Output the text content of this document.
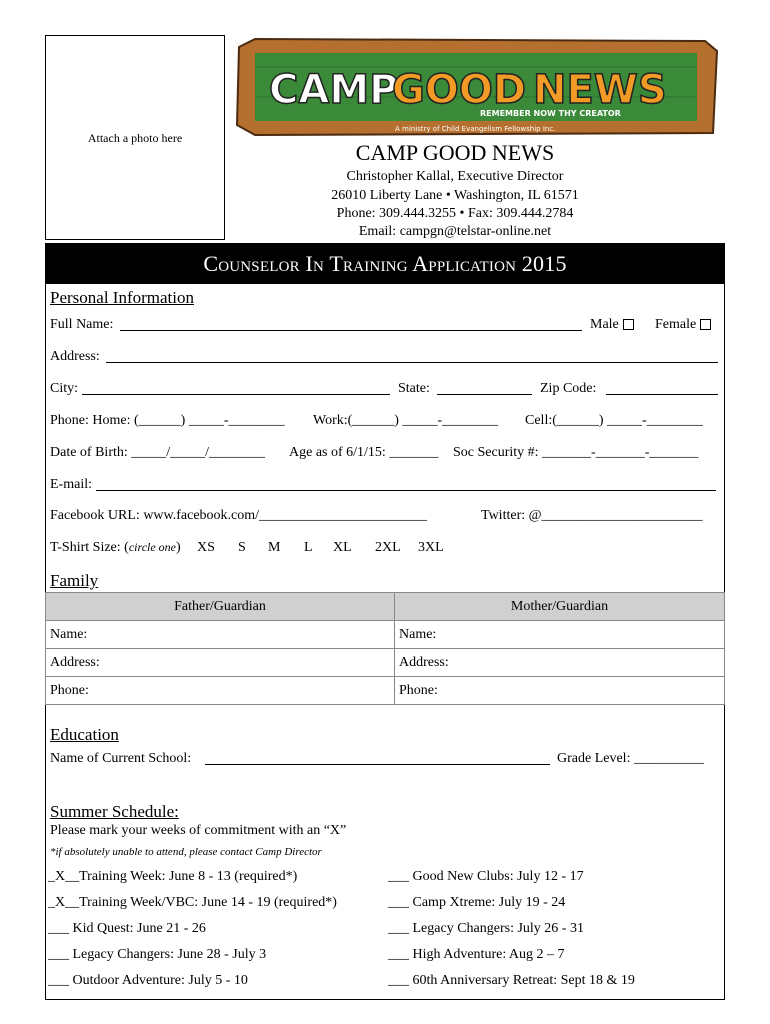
Attach a photo here
CAMP
GOOD NEWS
REMEMBER NOW THY CREATOR
A ministry of Child Evangelism Fellowship Inc.
CAMP GOOD NEWS
Christopher Kallal, Executive Director
26010 Liberty Lane • Washington, IL 61571
Phone: 309.444.3255 • Fax: 309.444.2784
Email: campgn@telstar-online.net
Counselor In Training Application 2015
Personal Information
Full Name:	Male	Female
Address:
City:	State:	Zip Code:
Phone: Home: (______) _____-________ Work:(______) _____-________ Cell:(______) _____-________
Date of Birth: _____/_____/________ Age as of 6/1/15: _______ Soc Security #: _______-_______-_______
E-mail:
Facebook URL: www.facebook.com/________________________	Twitter: @_______________________
T-Shirt Size: (circle one) XS S M L XL 2XL 3XL
Family
Father/Guardian	Mother/Guardian
Name:	Name:
Address:	Address:
Phone:	Phone:
Education
Name of Current School:	Grade Level: __________
Summer Schedule:
Please mark your weeks of commitment with an “X”
*if absolutely unable to attend, please contact Camp Director
_X__Training Week: June 8 - 13 (required*)
_X__Training Week/VBC: June 14 - 19 (required*)
___ Kid Quest: June 21 - 26
___ Legacy Changers: June 28 - July 3
___ Outdoor Adventure: July 5 - 10
___ Good New Clubs: July 12 - 17
___ Camp Xtreme: July 19 - 24
___ Legacy Changers: July 26 - 31
___ High Adventure: Aug 2 – 7
___ 60th Anniversary Retreat: Sept 18 & 19
